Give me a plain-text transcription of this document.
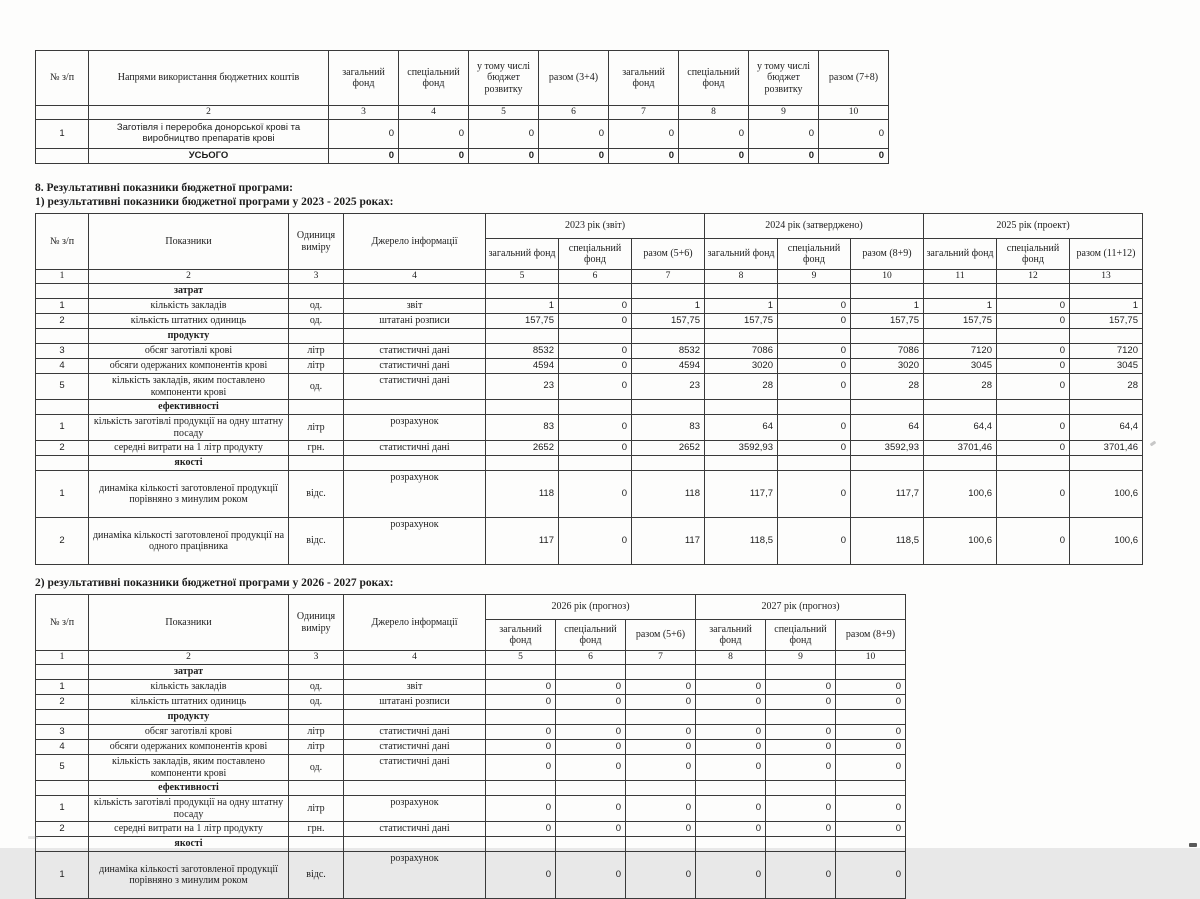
№ з/п	Напрями використання бюджетних коштів	загальний фонд	спеціальний фонд	у тому числі бюджет розвитку	разом (3+4)	загальний фонд	спеціальний фонд	у тому числі бюджет розвитку	разом (7+8)
	2	3	4	5	6	7	8	9	10
1	Заготівля і переробка донорської крові та виробництво препаратів крові	0	0	0	0	0	0	0	0
	УСЬОГО	0	0	0	0	0	0	0	0

8. Результативні показники бюджетної програми:

1) результативні показники бюджетної програми у 2023 - 2025 роках:

№ з/п	Показники	Одиниця виміру	Джерело інформації	2023 рік (звіт)			2024 рік (затверджено)			2025 рік (проект)		
				загальний фонд	спеціальний фонд	разом (5+6)	загальний фонд	спеціальний фонд	разом (8+9)	загальний фонд	спеціальний фонд	разом (11+12)
1	2	3	4	5	6	7	8	9	10	11	12	13
	затрат											
1	кількість закладів	од.	звіт	1	0	1	1	0	1	1	0	1
2	кількість штатних одиниць	од.	штатані розписи	157,75	0	157,75	157,75	0	157,75	157,75	0	157,75
	продукту											
3	обсяг заготівлі крові	літр	статистичні дані	8532	0	8532	7086	0	7086	7120	0	7120
4	обсяги одержаних компонентів крові	літр	статистичні дані	4594	0	4594	3020	0	3020	3045	0	3045
5	кількість закладів, яким поставлено компоненти крові	од.	статистичні дані	23	0	23	28	0	28	28	0	28
	ефективності											
1	кількість заготівлі продукції на одну штатну посаду	літр	розрахунок	83	0	83	64	0	64	64,4	0	64,4
2	середні витрати на 1 літр продукту	грн.	статистичні дані	2652	0	2652	3592,93	0	3592,93	3701,46	0	3701,46
	якості											
1	динаміка кількості заготовленої продукції порівняно з минулим роком	відс.	розрахунок	118	0	118	117,7	0	117,7	100,6	0	100,6
2	динаміка кількості заготовленої продукції на одного працівника	відс.	розрахунок	117	0	117	118,5	0	118,5	100,6	0	100,6

2) результативні показники бюджетної програми у 2026 - 2027 роках:

№ з/п	Показники	Одиниця виміру	Джерело інформації	2026 рік (прогноз)			2027 рік (прогноз)		
				загальний фонд	спеціальний фонд	разом (5+6)	загальний фонд	спеціальний фонд	разом (8+9)
1	2	3	4	5	6	7	8	9	10
	затрат								
1	кількість закладів	од.	звіт	0	0	0	0	0	0
2	кількість штатних одиниць	од.	штатані розписи	0	0	0	0	0	0
	продукту								
3	обсяг заготівлі крові	літр	статистичні дані	0	0	0	0	0	0
4	обсяги одержаних компонентів крові	літр	статистичні дані	0	0	0	0	0	0
5	кількість закладів, яким поставлено компоненти крові	од.	статистичні дані	0	0	0	0	0	0
	ефективності								
1	кількість заготівлі продукції на одну штатну посаду	літр	розрахунок	0	0	0	0	0	0
2	середні витрати на 1 літр продукту	грн.	статистичні дані	0	0	0	0	0	0
	якості								
1	динаміка кількості заготовленої продукції порівняно з минулим роком	відс.	розрахунок	0	0	0	0	0	0
